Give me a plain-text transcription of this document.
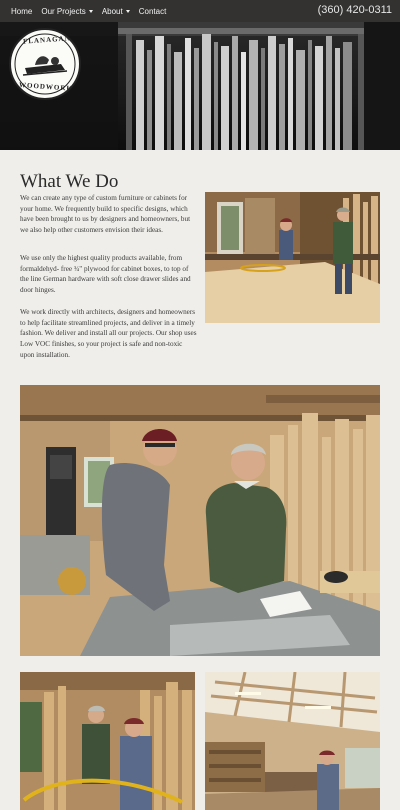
Home Our Projects About Contact	(360) 420-0311
FLANAGAN
WOODWORKS
What We Do

We can create any type of custom furniture or cabinets for your home. We frequently build to specific designs, which have been brought to us by designers and homeowners, but we also help other customers envision their ideas.

We use only the highest quality products available, from formaldehyd- free ¾" plywood for cabinet boxes, to top of the line German hardware with soft close drawer slides and door hinges.

We work directly with architects, designers and homeowners to help facilitate streamlined projects, and deliver in a timely fashion. We deliver and install all our projects. Our shop uses Low VOC finishes, so your project is safe and non-toxic upon installation.
